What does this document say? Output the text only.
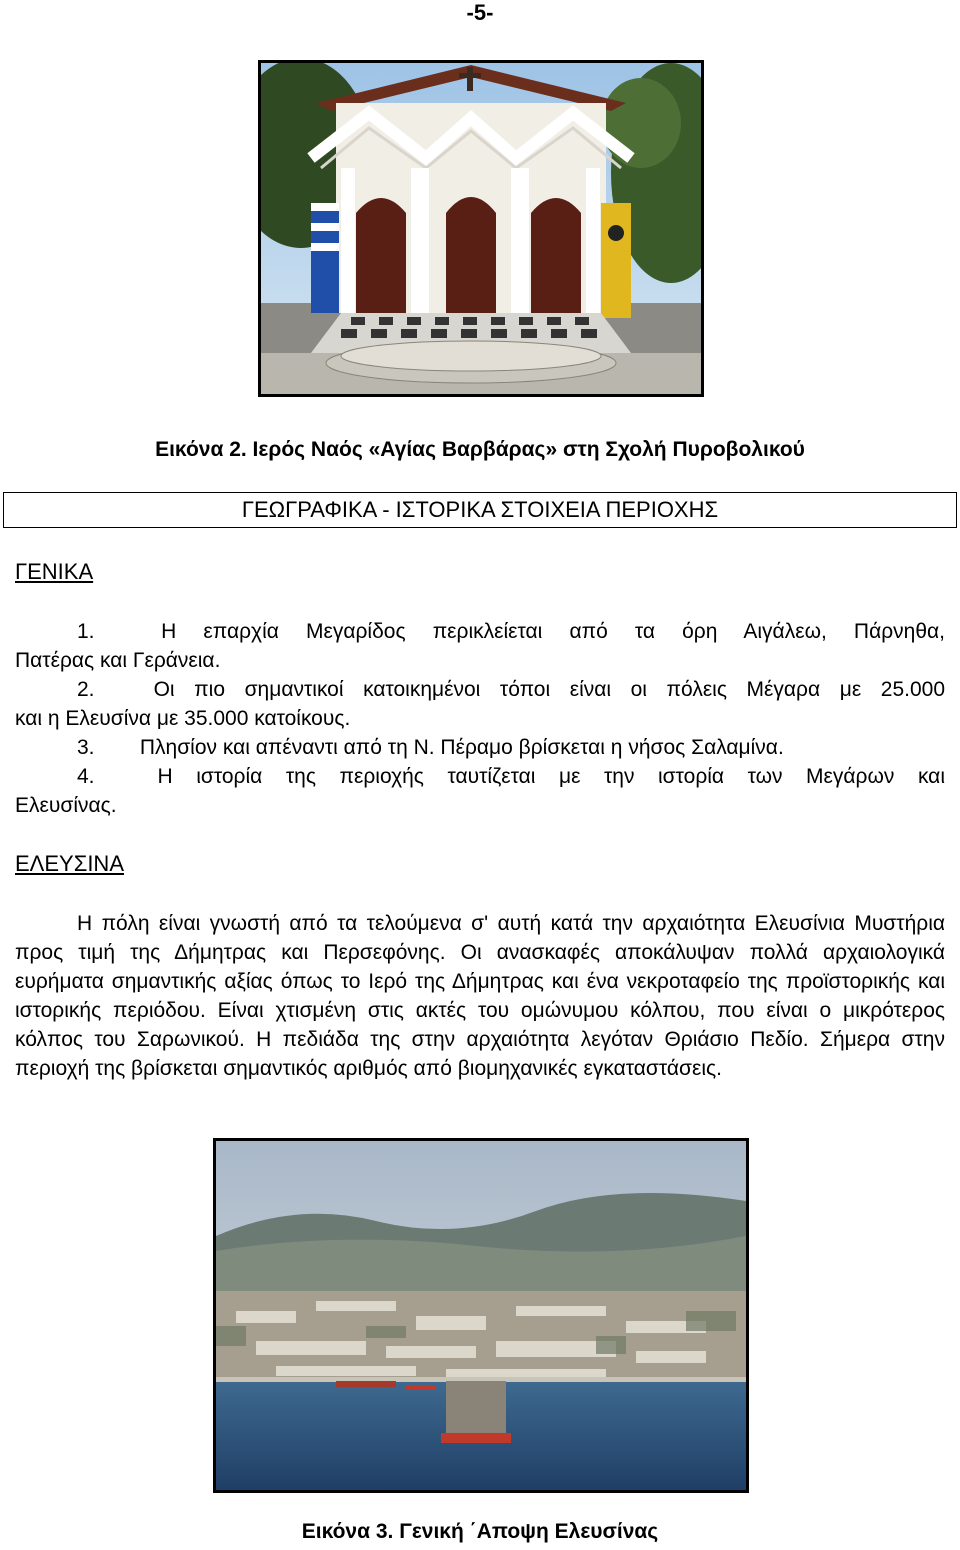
-5-
Εικόνα 2. Ιερός Ναός «Αγίας Βαρβάρας» στη Σχολή Πυροβολικού
ΓΕΩΓΡΑΦΙΚΑ - ΙΣΤΟΡΙΚΑ ΣΤΟΙΧΕΙΑ ΠΕΡΙΟΧΗΣ
ΓΕΝΙΚΑ
1.	Η επαρχία Μεγαρίδος περικλείεται από τα όρη Αιγάλεω, Πάρνηθα,
Πατέρας και Γεράνεια.
2.	Οι πιο σημαντικοί κατοικημένοι τόποι είναι οι πόλεις Μέγαρα με 25.000
και η Ελευσίνα με 35.000 κατοίκους.
3. Πλησίον και απέναντι από τη Ν. Πέραμο βρίσκεται η νήσος Σαλαμίνα.
4.	Η ιστορία της περιοχής ταυτίζεται με την ιστορία των Μεγάρων και
Ελευσίνας.
ΕΛΕΥΣΙΝΑ
Η πόλη είναι γνωστή από τα τελούμενα σ' αυτή κατά την αρχαιότητα Ελευσίνια Μυστήρια προς τιμή της Δήμητρας και Περσεφόνης. Οι ανασκαφές αποκάλυψαν πολλά αρχαιολογικά ευρήματα σημαντικής αξίας όπως το Ιερό της Δήμητρας και ένα νεκροταφείο της προϊστορικής και ιστορικής περιόδου. Είναι χτισμένη στις ακτές του ομώνυμου κόλπου, που είναι ο μικρότερος κόλπος του Σαρωνικού. Η πεδιάδα της στην αρχαιότητα λεγόταν Θριάσιο Πεδίο. Σήμερα στην περιοχή της βρίσκεται σημαντικός αριθμός από βιομηχανικές εγκαταστάσεις.
Εικόνα 3. Γενική ΄Αποψη Ελευσίνας
